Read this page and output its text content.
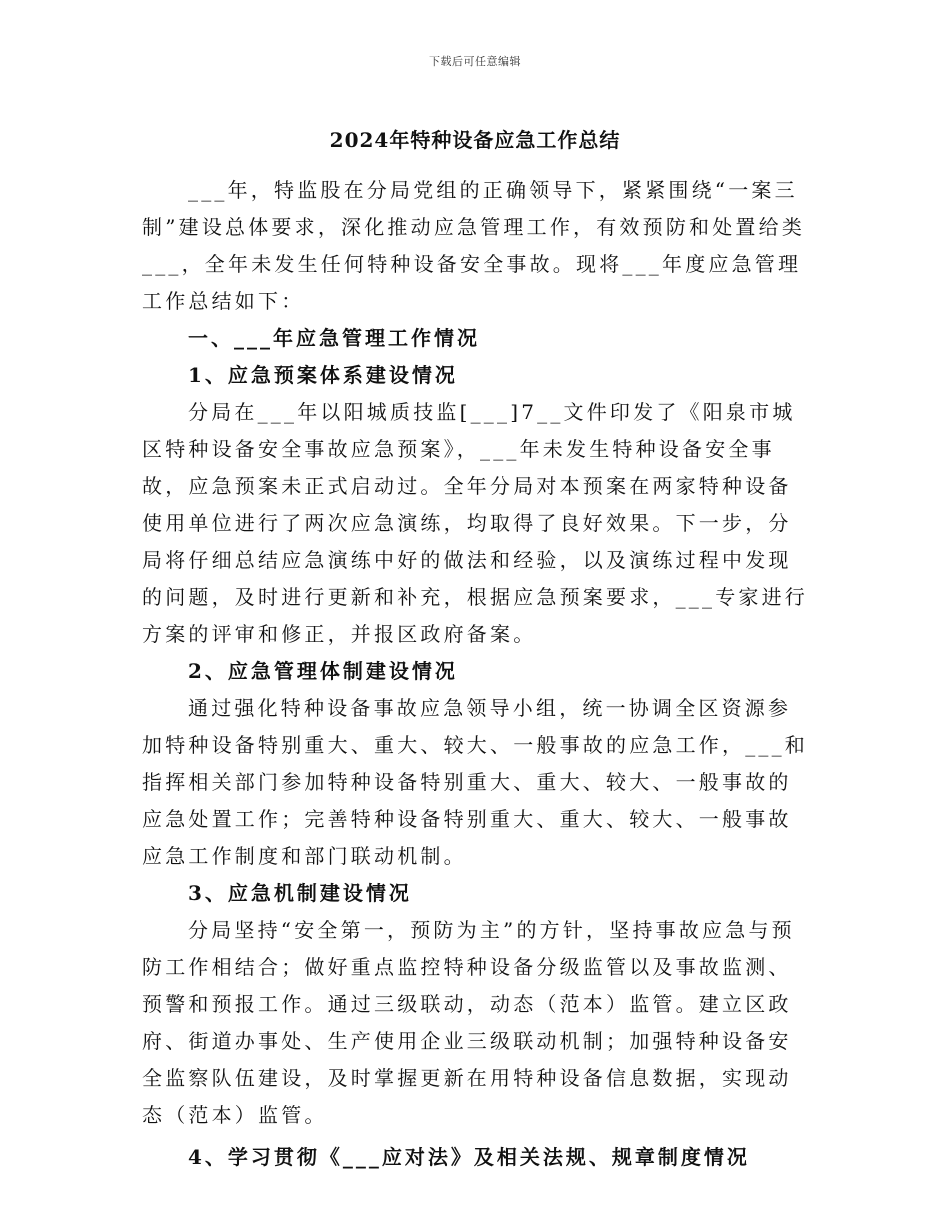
下载后可任意编辑
2024年特种设备应急工作总结

___年，特监股在分局党组的正确领导下，紧紧围绕“一案三制”建设总体要求，深化推动应急管理工作，有效预防和处置给类___，全年未发生任何特种设备安全事故。现将___年度应急管理工作总结如下：

一、___年应急管理工作情况
1、应急预案体系建设情况

分局在___年以阳城质技监[___]7__文件印发了《阳泉市城区特种设备安全事故应急预案》，___年未发生特种设备安全事故，应急预案未正式启动过。全年分局对本预案在两家特种设备使用单位进行了两次应急演练，均取得了良好效果。下一步，分局将仔细总结应急演练中好的做法和经验，以及演练过程中发现的问题，及时进行更新和补充，根据应急预案要求，___专家进行方案的评审和修正，并报区政府备案。

2、应急管理体制建设情况

通过强化特种设备事故应急领导小组，统一协调全区资源参加特种设备特别重大、重大、较大、一般事故的应急工作，___和指挥相关部门参加特种设备特别重大、重大、较大、一般事故的应急处置工作；完善特种设备特别重大、重大、较大、一般事故应急工作制度和部门联动机制。

3、应急机制建设情况

分局坚持“安全第一，预防为主”的方针，坚持事故应急与预防工作相结合；做好重点监控特种设备分级监管以及事故监测、预警和预报工作。通过三级联动，动态（范本）监管。建立区政府、街道办事处、生产使用企业三级联动机制；加强特种设备安全监察队伍建设，及时掌握更新在用特种设备信息数据，实现动态（范本）监管。

4、学习贯彻《___应对法》及相关法规、规章制度情况
